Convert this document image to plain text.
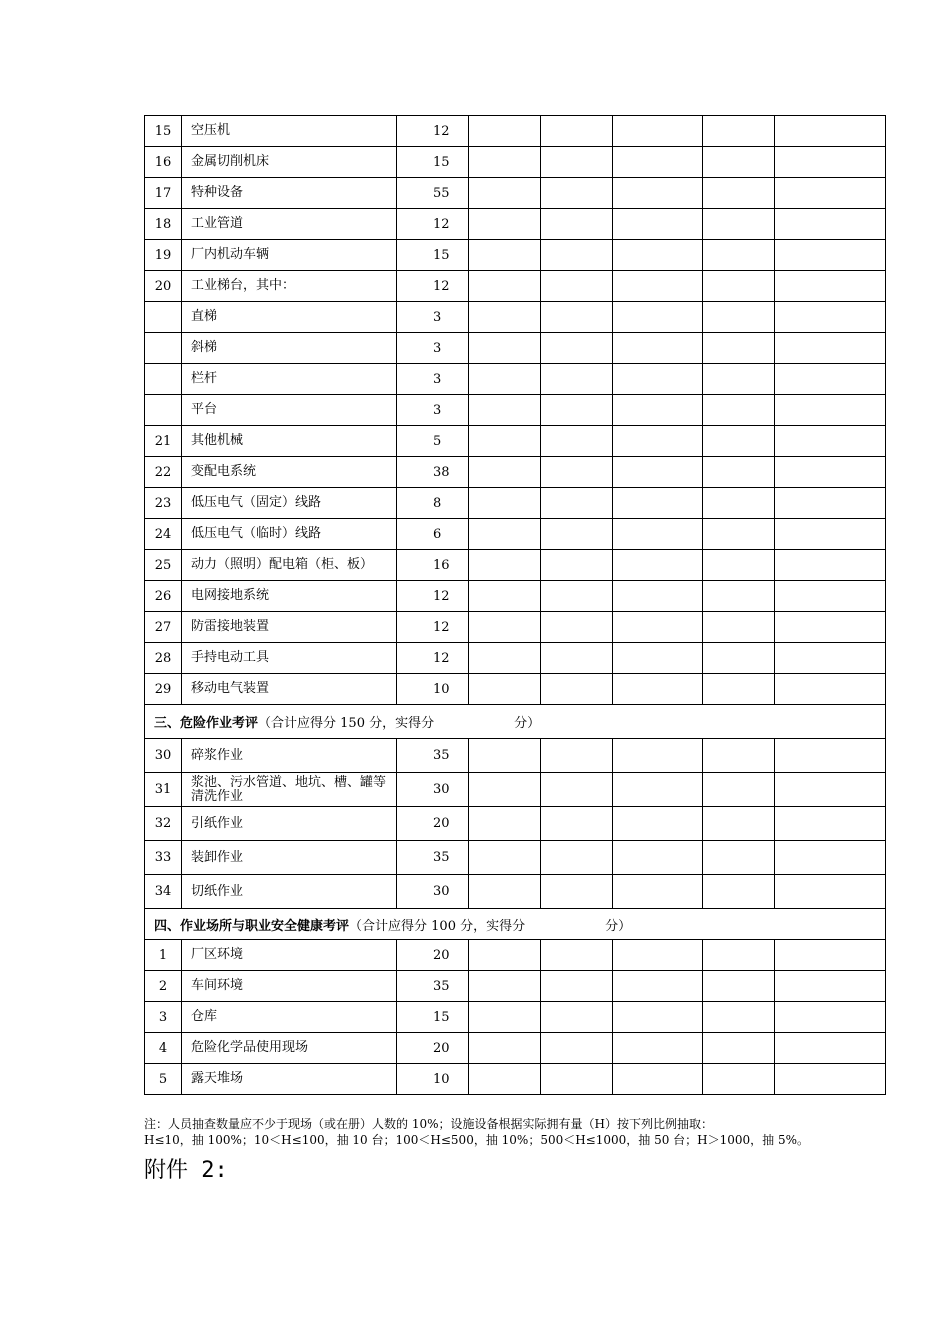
15	空压机	12					
16	金属切削机床	15					
17	特种设备	55					
18	工业管道	12					
19	厂内机动车辆	15					
20	工业梯台，其中：	12					
	直梯	3					
	斜梯	3					
	栏杆	3					
	平台	3					
21	其他机械	5					
22	变配电系统	38					
23	低压电气（固定）线路	8					
24	低压电气（临时）线路	6					
25	动力（照明）配电箱（柜、板）	16					
26	电网接地系统	12					
27	防雷接地装置	12					
28	手持电动工具	12					
29	移动电气装置	10					
三、危险作业考评（合计应得分 150 分，实得分 分）							
30	碎浆作业	35					
31	浆池、污水管道、地坑、槽、罐等清洗作业	30					
32	引纸作业	20					
33	装卸作业	35					
34	切纸作业	30					
四、作业场所与职业安全健康考评（合计应得分 100 分，实得分 分）							
1	厂区环境	20					
2	车间环境	35					
3	仓库	15					
4	危险化学品使用现场	20					
5	露天堆场	10					
注：人员抽查数量应不少于现场（或在册）人数的 10%；设施设备根据实际拥有量（H）按下列比例抽取：
H≤10，抽 100%；10＜H≤100，抽 10 台；100＜H≤500，抽 10%；500＜H≤1000，抽 50 台；H＞1000，抽 5%。
附件 2:
